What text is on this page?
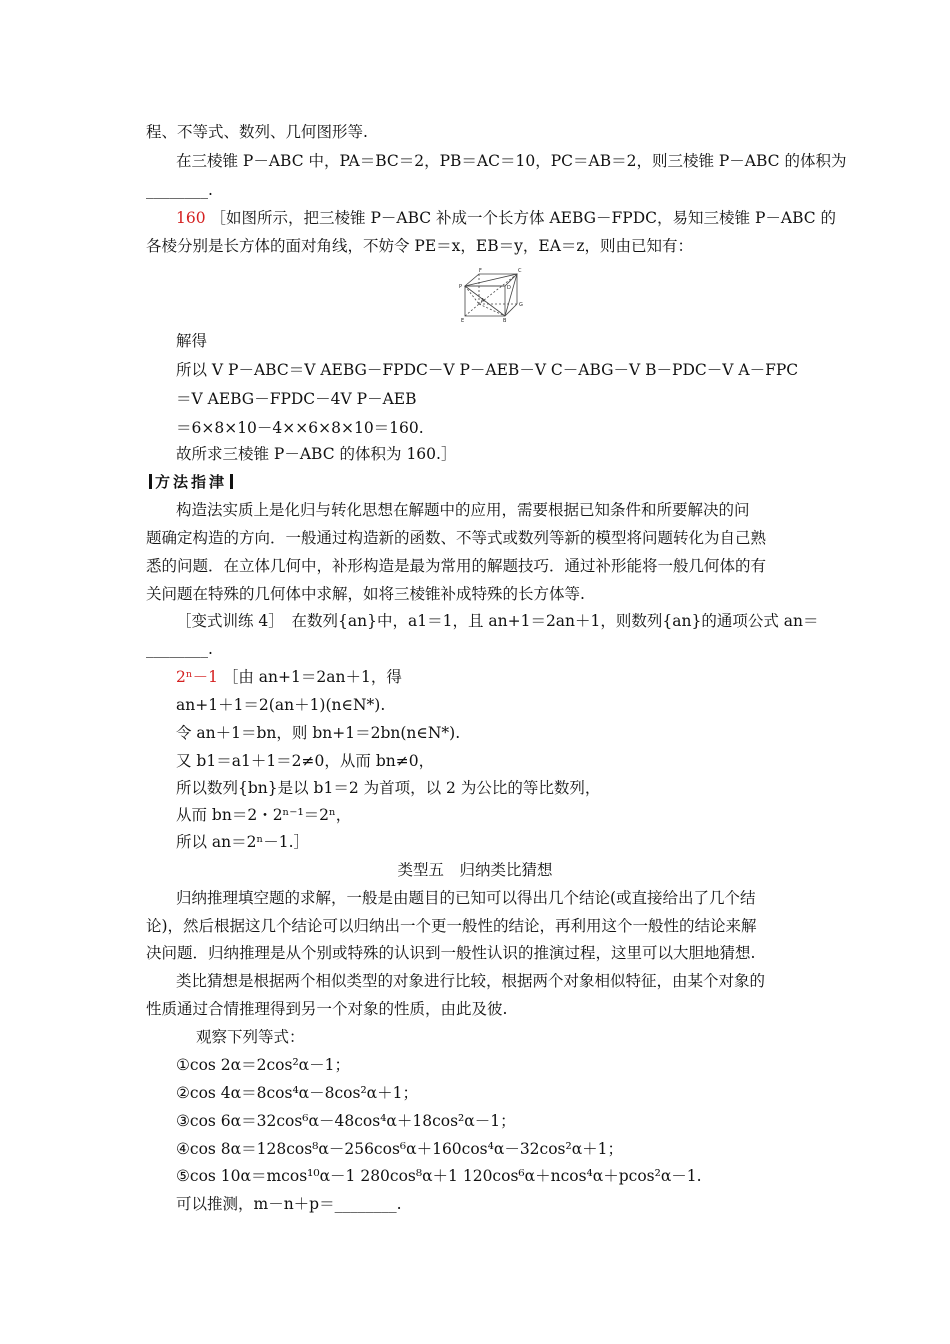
程、不等式、数列、几何图形等.
在三棱锥 P－ABC 中，PA＝BC＝2，PB＝AC＝10，PC＝AB＝2，则三棱锥 P－ABC 的体积为
________.
160 ［如图所示，把三棱锥 P－ABC 补成一个长方体 AEBG－FPDC，易知三棱锥 P－ABC 的
各棱分别是长方体的面对角线，不妨令 PE＝x，EB＝y，EA＝z，则由已知有：
F	C
P	D
A
G
E	B
解得
所以 V P－ABC＝V AEBG－FPDC－V P－AEB－V C－ABG－V B－PDC－V A－FPC
＝V AEBG－FPDC－4V P－AEB
＝6×8×10－4××6×8×10＝160.
故所求三棱锥 P－ABC 的体积为 160.］
方法指津
构造法实质上是化归与转化思想在解题中的应用，需要根据已知条件和所要解决的问
题确定构造的方向．一般通过构造新的函数、不等式或数列等新的模型将问题转化为自己熟
悉的问题．在立体几何中，补形构造是最为常用的解题技巧．通过补形能将一般几何体的有
关问题在特殊的几何体中求解，如将三棱锥补成特殊的长方体等.
［变式训练 4］　在数列{an}中，a1＝1，且 an+1＝2an＋1，则数列{an}的通项公式 an＝
________.
2ⁿ－1 ［由 an+1＝2an＋1，得
an+1＋1＝2(an＋1)(n∈N*).
令 an＋1＝bn，则 bn+1＝2bn(n∈N*).
又 b1＝a1＋1＝2≠0，从而 bn≠0，
所以数列{bn}是以 b1＝2 为首项，以 2 为公比的等比数列，
从而 bn＝2・2ⁿ⁻¹＝2ⁿ，
所以 an＝2ⁿ－1.］
类型五　归纳类比猜想
归纳推理填空题的求解，一般是由题目的已知可以得出几个结论(或直接给出了几个结
论)，然后根据这几个结论可以归纳出一个更一般性的结论，再利用这个一般性的结论来解
决问题．归纳推理是从个别或特殊的认识到一般性认识的推演过程，这里可以大胆地猜想.
类比猜想是根据两个相似类型的对象进行比较，根据两个对象相似特征，由某个对象的
性质通过合情推理得到另一个对象的性质，由此及彼.
观察下列等式：
①cos 2α＝2cos²α－1；
②cos 4α＝8cos⁴α－8cos²α＋1；
③cos 6α＝32cos⁶α－48cos⁴α＋18cos²α－1；
④cos 8α＝128cos⁸α－256cos⁶α＋160cos⁴α－32cos²α＋1；
⑤cos 10α＝mcos¹⁰α－1 280cos⁸α＋1 120cos⁶α＋ncos⁴α＋pcos²α－1.
可以推测，m－n＋p＝________.
